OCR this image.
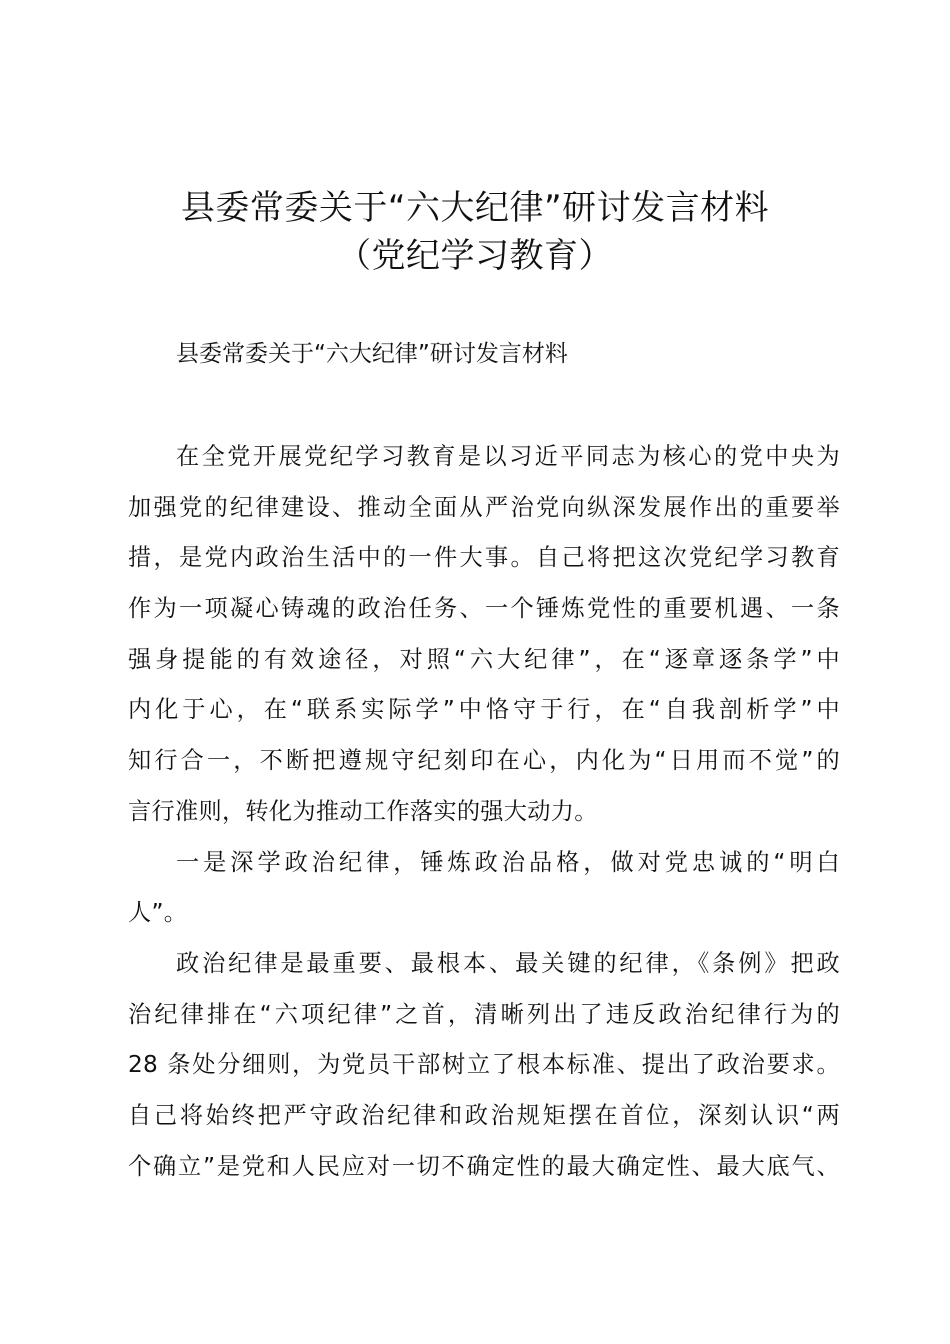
县委常委关于“六大纪律”研讨发言材料
（党纪学习教育）
县委常委关于“六大纪律”研讨发言材料
在全党开展党纪学习教育是以习近平同志为核心的党中央为
加强党的纪律建设、推动全面从严治党向纵深发展作出的重要举
措，是党内政治生活中的一件大事。自己将把这次党纪学习教育
作为一项凝心铸魂的政治任务、一个锤炼党性的重要机遇、一条
强身提能的有效途径，对照“六大纪律”，在“逐章逐条学”中
内化于心，在“联系实际学”中恪守于行，在“自我剖析学”中
知行合一，不断把遵规守纪刻印在心，内化为“日用而不觉”的
言行准则，转化为推动工作落实的强大动力。
一是深学政治纪律，锤炼政治品格，做对党忠诚的“明白
人”。
政治纪律是最重要、最根本、最关键的纪律，《条例》把政
治纪律排在“六项纪律”之首，清晰列出了违反政治纪律行为的
28 条处分细则，为党员干部树立了根本标准、提出了政治要求。
自己将始终把严守政治纪律和政治规矩摆在首位，深刻认识“两
个确立”是党和人民应对一切不确定性的最大确定性、最大底气、
